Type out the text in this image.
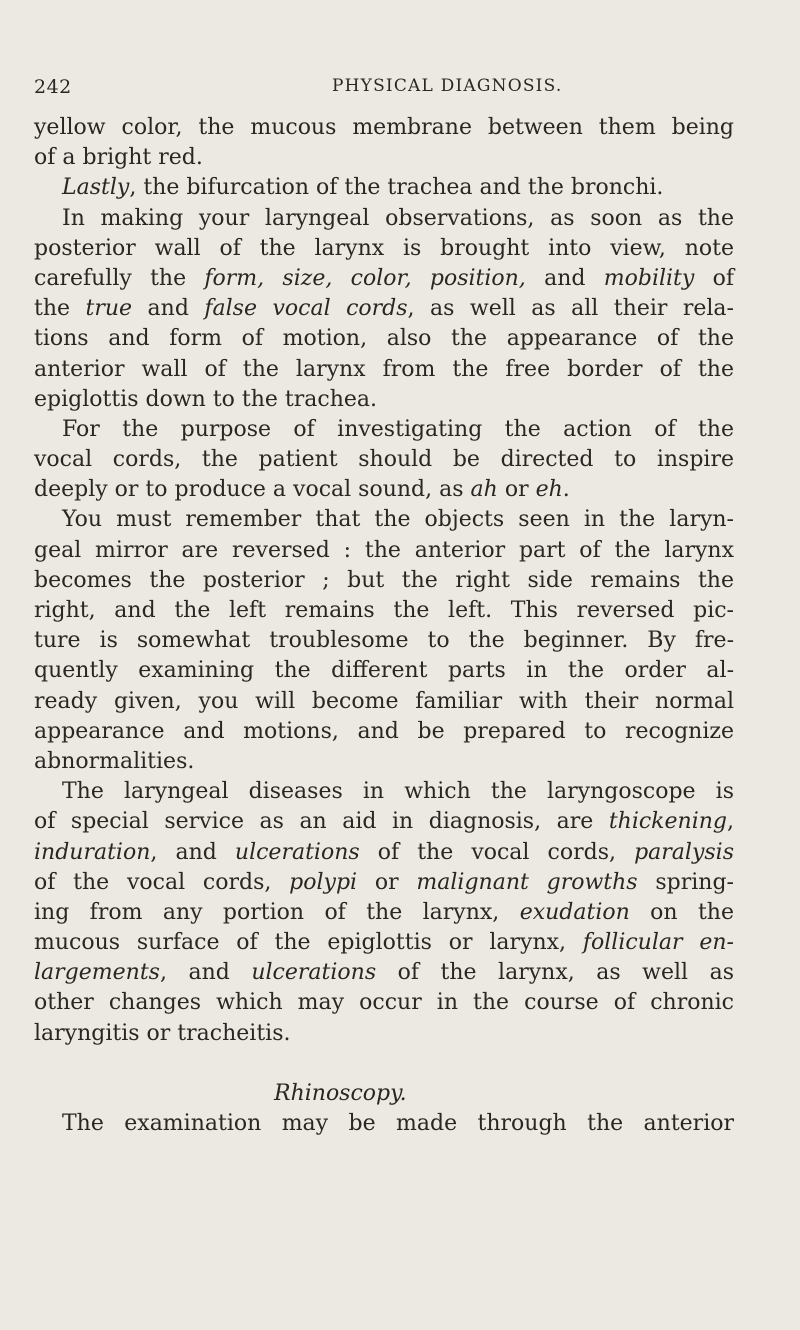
242	PHYSICAL DIAGNOSIS.
yellow color, the mucous membrane between them being
of a bright red.
Lastly, the bifurcation of the trachea and the bronchi.
In making your laryngeal observations, as soon as the
posterior wall of the larynx is brought into view, note
carefully the form, size, color, position, and mobility of
the true and false vocal cords, as well as all their rela-
tions and form of motion, also the appearance of the
anterior wall of the larynx from the free border of the
epiglottis down to the trachea.
For the purpose of investigating the action of the
vocal cords, the patient should be directed to inspire
deeply or to produce a vocal sound, as ah or eh.
You must remember that the objects seen in the laryn-
geal mirror are reversed : the anterior part of the larynx
becomes the posterior ; but the right side remains the
right, and the left remains the left. This reversed pic-
ture is somewhat troublesome to the beginner. By fre-
quently examining the different parts in the order al-
ready given, you will become familiar with their normal
appearance and motions, and be prepared to recognize
abnormalities.
The laryngeal diseases in which the laryngoscope is
of special service as an aid in diagnosis, are thickening,
induration, and ulcerations of the vocal cords, paralysis
of the vocal cords, polypi or malignant growths spring-
ing from any portion of the larynx, exudation on the
mucous surface of the epiglottis or larynx, follicular en-
largements, and ulcerations of the larynx, as well as
other changes which may occur in the course of chronic
laryngitis or tracheitis.
Rhinoscopy.
The examination may be made through the anterior
